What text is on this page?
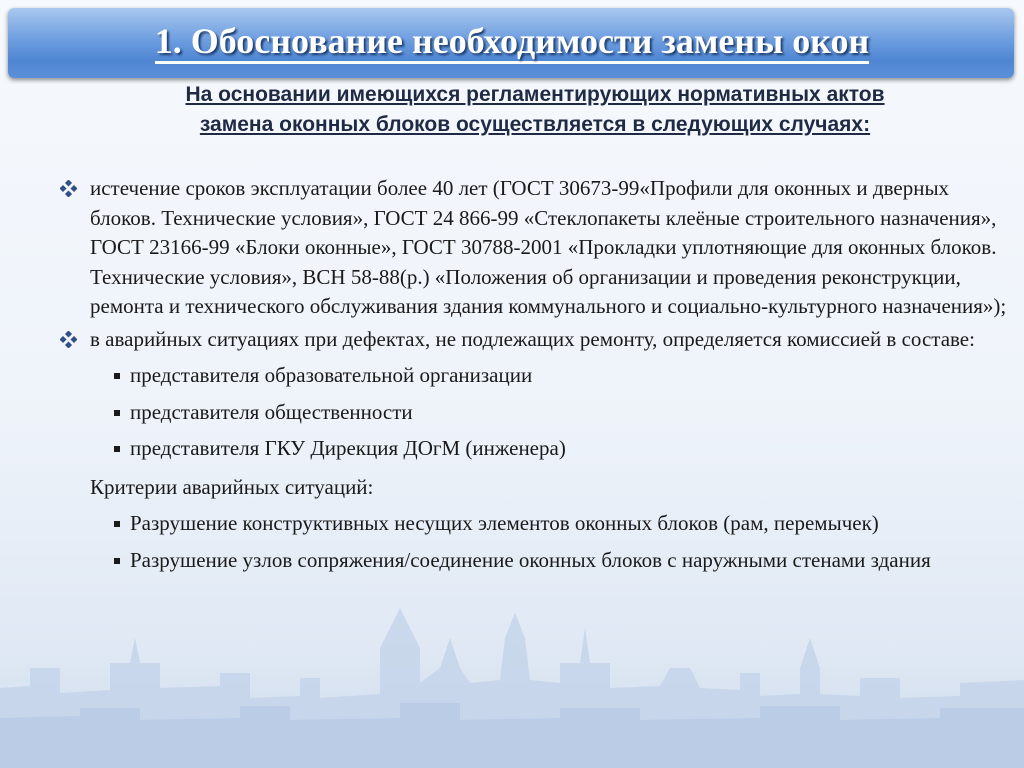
1. Обоснование необходимости замены окон
На основании имеющихся регламентирующих нормативных актов
замена оконных блоков осуществляется в следующих случаях:
истечение сроков эксплуатации более 40 лет (ГОСТ 30673-99«Профили для оконных и дверных блоков. Технические условия», ГОСТ 24 866-99 «Стеклопакеты клеёные строительного назначения», ГОСТ 23166-99 «Блоки оконные», ГОСТ 30788-2001 «Прокладки уплотняющие для оконных блоков. Технические условия», ВСН 58-88(р.) «Положения об организации и проведения реконструкции, ремонта и технического обслуживания здания коммунального и социально-культурного назначения»);
в аварийных ситуациях при дефектах, не подлежащих ремонту, определяется комиссией в составе:
представителя образовательной организации
представителя общественности
представителя ГКУ Дирекция ДОгМ (инженера)
Критерии аварийных ситуаций:
Разрушение конструктивных несущих элементов оконных блоков (рам, перемычек)
Разрушение узлов сопряжения/соединение оконных блоков с наружными стенами здания
